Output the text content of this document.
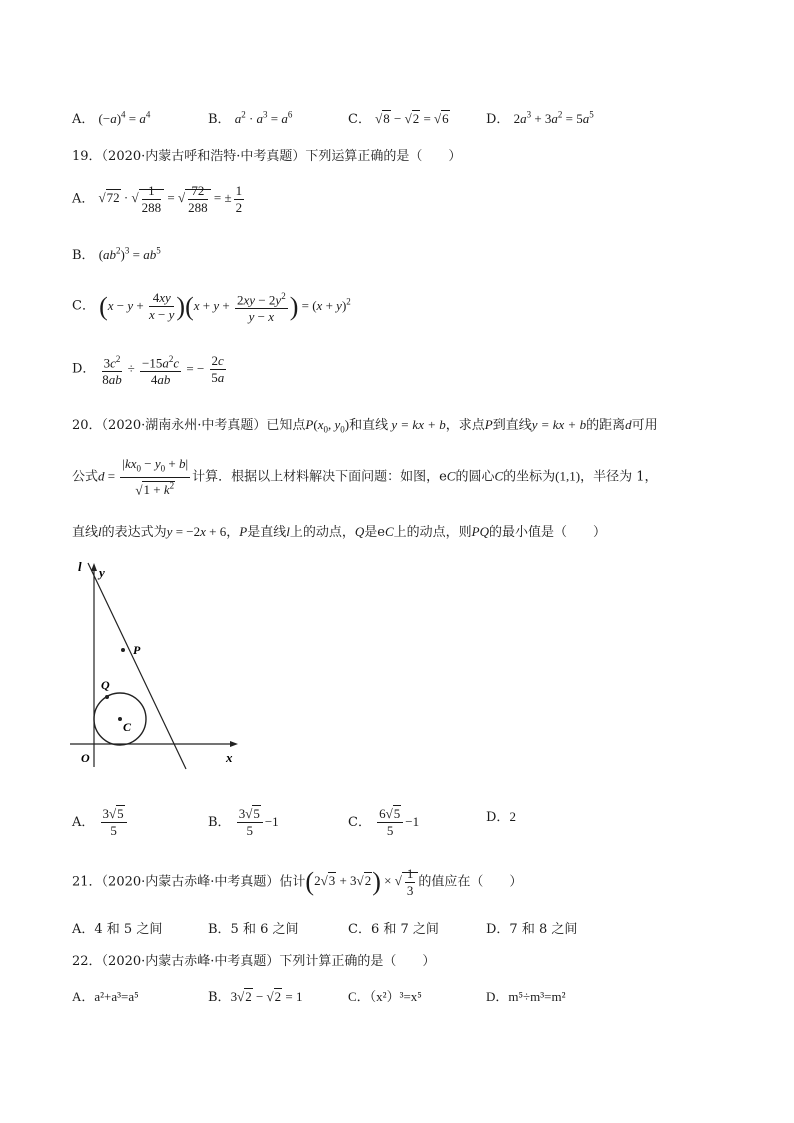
A． $(-a)^4 = a^4$	B． $a^2 \cdot a^3 = a^6$	C． √8 − √2 = √6	D． $2a^3 + 3a^2 = 5a^5$
19．（2020·内蒙古呼和浩特·中考真题）下列运算正确的是（　　）
A． √72 · √ $\frac{1}{288}$ = √ $\frac{72}{288}$ = ± $\frac{1}{2}$
B． $(ab^2)^3 = ab^5$
C． $(x - y + \frac{4xy}{x - y} )(x + y + \frac{2xy - 2y^2}{y - x}$ ) = $(x + y)^2$
D． $\frac{3c^2}{8ab} \div \frac{-15a^2c}{4ab}$ = − $\frac{2c}{5a}$
20．（2020·湖南永州·中考真题）已知点$P(x_0$, $y_0$)和直线 y = kx + b，求点P到直线y = kx + b的距离d可用
公式$d = \frac{|kx_0 - y_0 + b|}{√1 + k^2}$ 计算．根据以上材料解决下面问题：如图，eC的圆心C的坐标为(1,1)，半径为 1，
直线l的表达式为y = −2x + 6，P是直线l上的动点，Q是eC上的动点，则PQ的最小值是（　　）
l y
P
Q
C
O	x
A． $\frac{3√5}{5}$	B． $\frac{3√5}{5} -1$	C． $\frac{6√5}{5} -1$	D．2
21．（2020·内蒙古赤峰·中考真题）估计(2√3 + 3√2) × √ $\frac{1}{3}$ 的值应在（　　）
A．4 和 5 之间	B．5 和 6 之间	C．6 和 7 之间	D．7 和 8 之间
22．（2020·内蒙古赤峰·中考真题）下列计算正确的是（　　）
A．a²+a³=a⁵	B．3√2 − √2 = 1	C．（x²）³=x⁵	D．m⁵÷m³=m²
